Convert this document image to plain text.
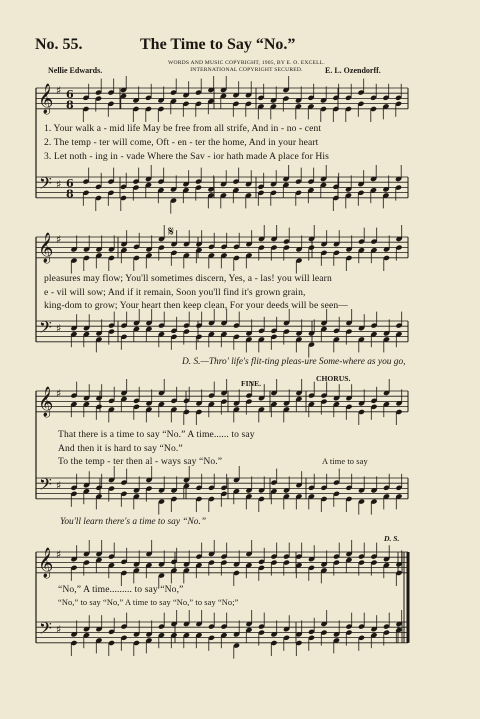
No. 55.	The Time to Say “No.”
WORDS AND MUSIC COPYRIGHT, 1905, BY E. O. EXCELL.
INTERNATIONAL COPYRIGHT SECURED.
Nellie Edwards.	E. L. Ozendorff.
𝄞
𝄢
♯
♯
6
8
6
8
𝄞
𝄢
♯
♯
𝄞
𝄢
♯
♯
𝄞
𝄢
♯
♯
𝄋
1. Your walk a - mid life May be free from all strife, And in - no - cent
2. The temp - ter will come, Oft - en - ter the home, And in your heart
3. Let noth - ing in - vade Where the Sav - ior hath made A place for His
pleasures may flow; You'll sometimes discern, Yes, a - las! you will learn
e - vil will sow; And if it remain, Soon you'll find it's grown grain,
king-dom to grow; Your heart then keep clean, For your deeds will be seen—
D. S.—Thro' life's flit-ting pleas-ure Some-where as you go,
FINE.
CHORUS.
That there is a time to say “No.” A time...... to say
And then it is hard to say “No.”
To the temp - ter then al - ways say “No.”	A time to say
You'll learn there's a time to say “No.”
D. S.
“No,” A time......... to say “No,”
“No,” to say “No,” A time to say “No,” to say “No;”
